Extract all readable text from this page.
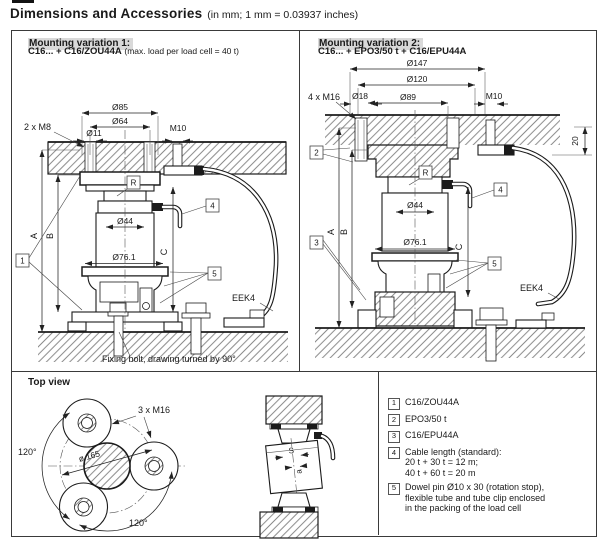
Dimensions and Accessories (in mm; 1 mm = 0.03937 inches)
Mounting variation 1:
C16... + C16/ZOU44A (max. load per load cell = 40 t)
Mounting variation 2:
C16... + EPO3/50 t + C16/EPU44A
Ø85
Ø64
Ø11	M10
2 x M8
Ø44
Ø76.1
A B
C
R
1
4
5
EEK4
Fixing bolt, drawing turned by 90°
Ø147
Ø120
Ø18	Ø89	M10
4 x M16
20
Ø44
Ø76.1
A B
C
R
2
3
4
5
EEK4
Top view
ø 165
3 x M16
120°
120°
S
a
1 C16/ZOU44A
2 EPO3/50 t
3 C16/EPU44A
4 Cable length (standard):
20 t + 30 t = 12 m;
40 t + 60 t = 20 m
5 Dowel pin Ø10 x 30 (rotation stop),
flexible tube and tube clip enclosed
in the packing of the load cell
